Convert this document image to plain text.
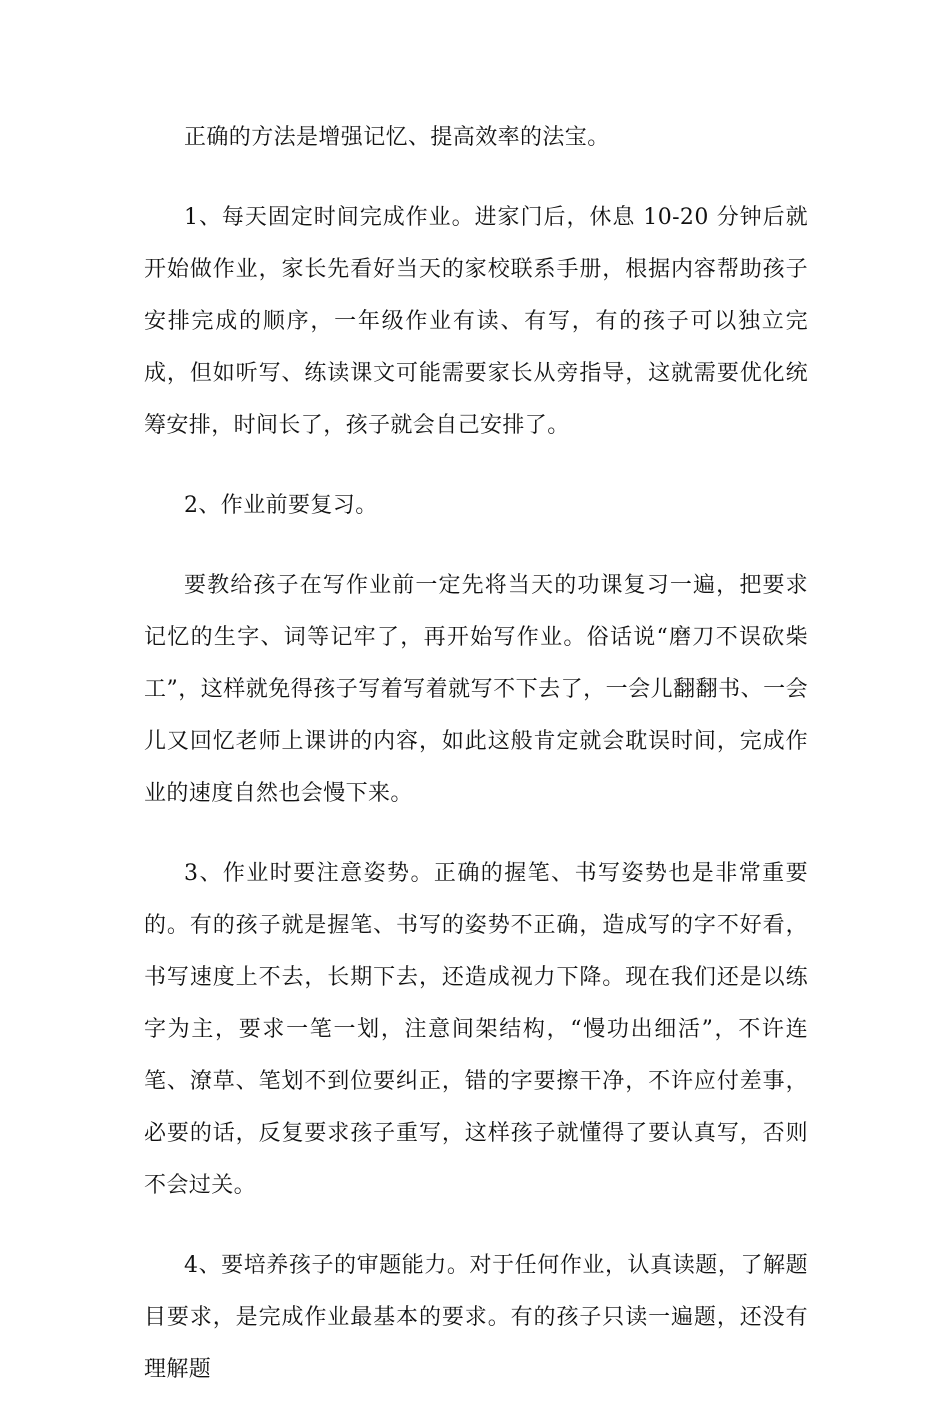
正确的方法是增强记忆、提高效率的法宝。

1、每天固定时间完成作业。进家门后，休息 10-20 分钟后就开始做作业，家长先看好当天的家校联系手册，根据内容帮助孩子安排完成的顺序，一年级作业有读、有写，有的孩子可以独立完成，但如听写、练读课文可能需要家长从旁指导，这就需要优化统筹安排，时间长了，孩子就会自己安排了。

2、作业前要复习。

要教给孩子在写作业前一定先将当天的功课复习一遍，把要求记忆的生字、词等记牢了，再开始写作业。俗话说“磨刀不误砍柴工”，这样就免得孩子写着写着就写不下去了，一会儿翻翻书、一会儿又回忆老师上课讲的内容，如此这般肯定就会耽误时间，完成作业的速度自然也会慢下来。

3、作业时要注意姿势。正确的握笔、书写姿势也是非常重要的。有的孩子就是握笔、书写的姿势不正确，造成写的字不好看，书写速度上不去，长期下去，还造成视力下降。现在我们还是以练字为主，要求一笔一划，注意间架结构，“慢功出细活”，不许连笔、潦草、笔划不到位要纠正，错的字要擦干净，不许应付差事，必要的话，反复要求孩子重写，这样孩子就懂得了要认真写，否则不会过关。

4、要培养孩子的审题能力。对于任何作业，认真读题，了解题目要求，是完成作业最基本的要求。有的孩子只读一遍题，还没有理解题
